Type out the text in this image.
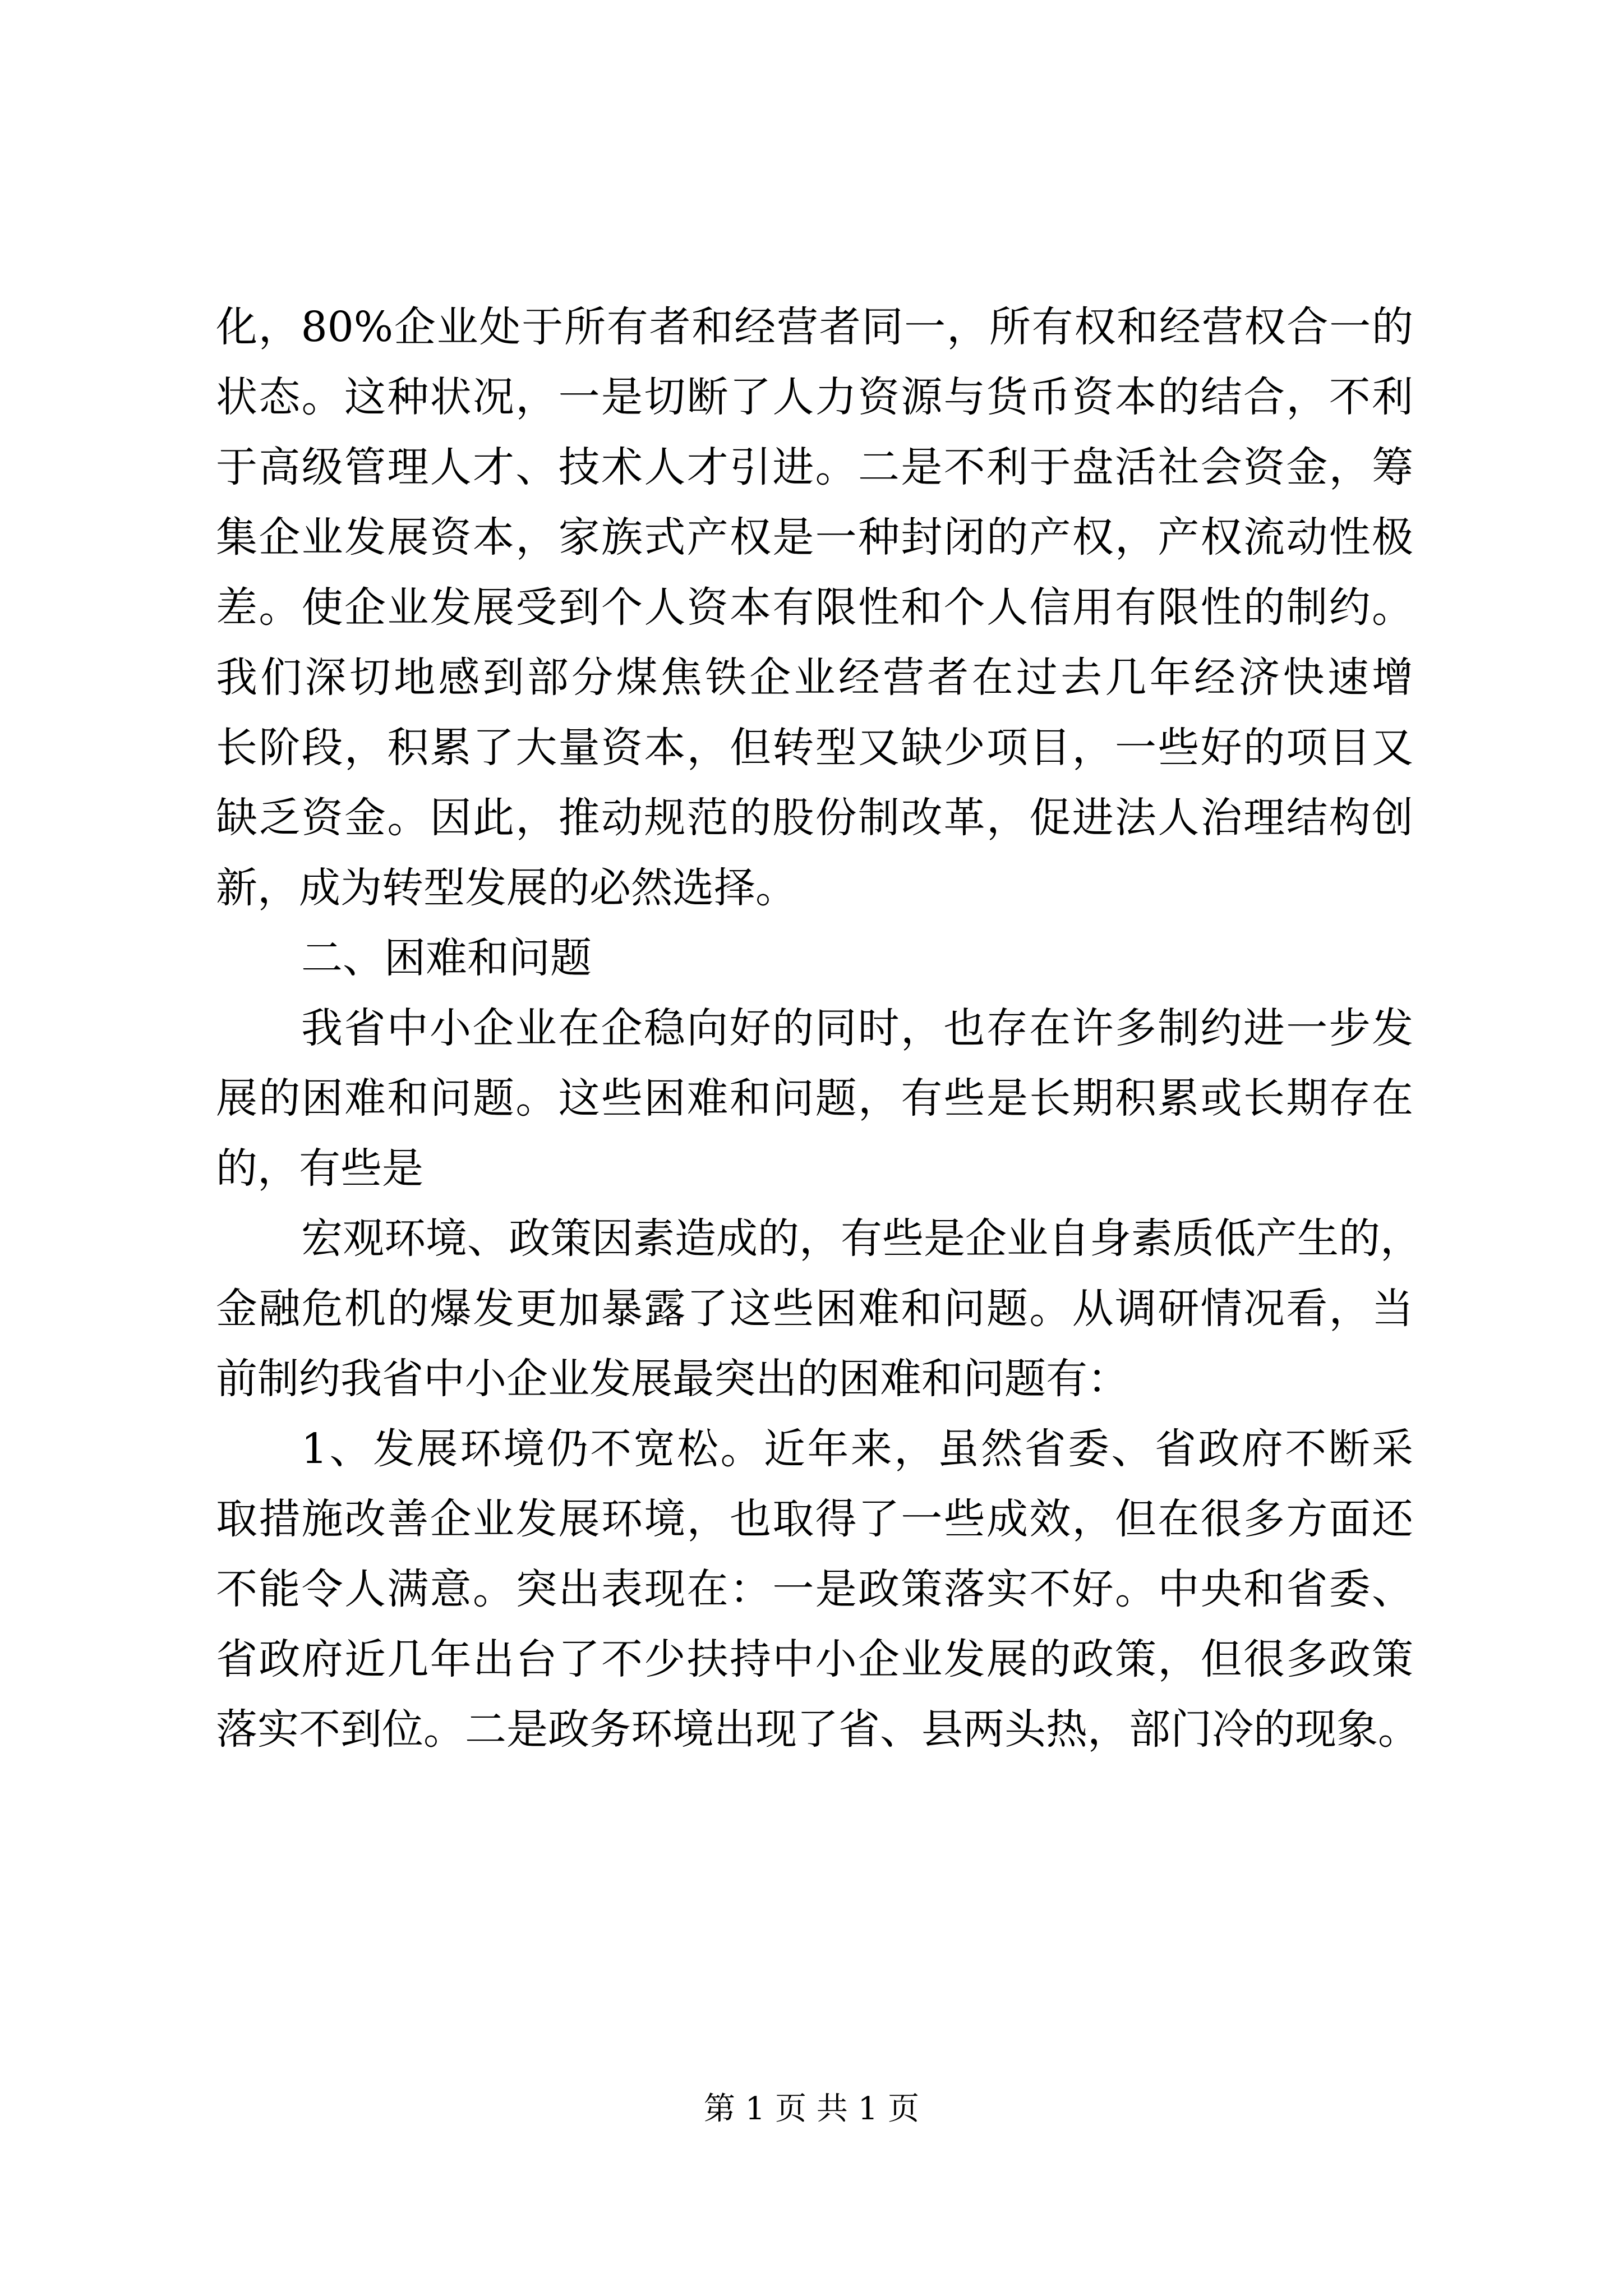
化，80%企业处于所有者和经营者同一，所有权和经营权合一的
状态。这种状况，一是切断了人力资源与货币资本的结合，不利
于高级管理人才、技术人才引进。二是不利于盘活社会资金，筹
集企业发展资本，家族式产权是一种封闭的产权，产权流动性极
差。使企业发展受到个人资本有限性和个人信用有限性的制约。
我们深切地感到部分煤焦铁企业经营者在过去几年经济快速增
长阶段，积累了大量资本，但转型又缺少项目，一些好的项目又
缺乏资金。因此，推动规范的股份制改革，促进法人治理结构创
新，成为转型发展的必然选择。
二、困难和问题
我省中小企业在企稳向好的同时，也存在许多制约进一步发
展的困难和问题。这些困难和问题，有些是长期积累或长期存在
的，有些是
宏观环境、政策因素造成的，有些是企业自身素质低产生的，
金融危机的爆发更加暴露了这些困难和问题。从调研情况看，当
前制约我省中小企业发展最突出的困难和问题有：
1、发展环境仍不宽松。近年来，虽然省委、省政府不断采
取措施改善企业发展环境，也取得了一些成效，但在很多方面还
不能令人满意。突出表现在：一是政策落实不好。中央和省委、
省政府近几年出台了不少扶持中小企业发展的政策，但很多政策
落实不到位。二是政务环境出现了省、县两头热，部门冷的现象。
第 1 页 共 1 页
